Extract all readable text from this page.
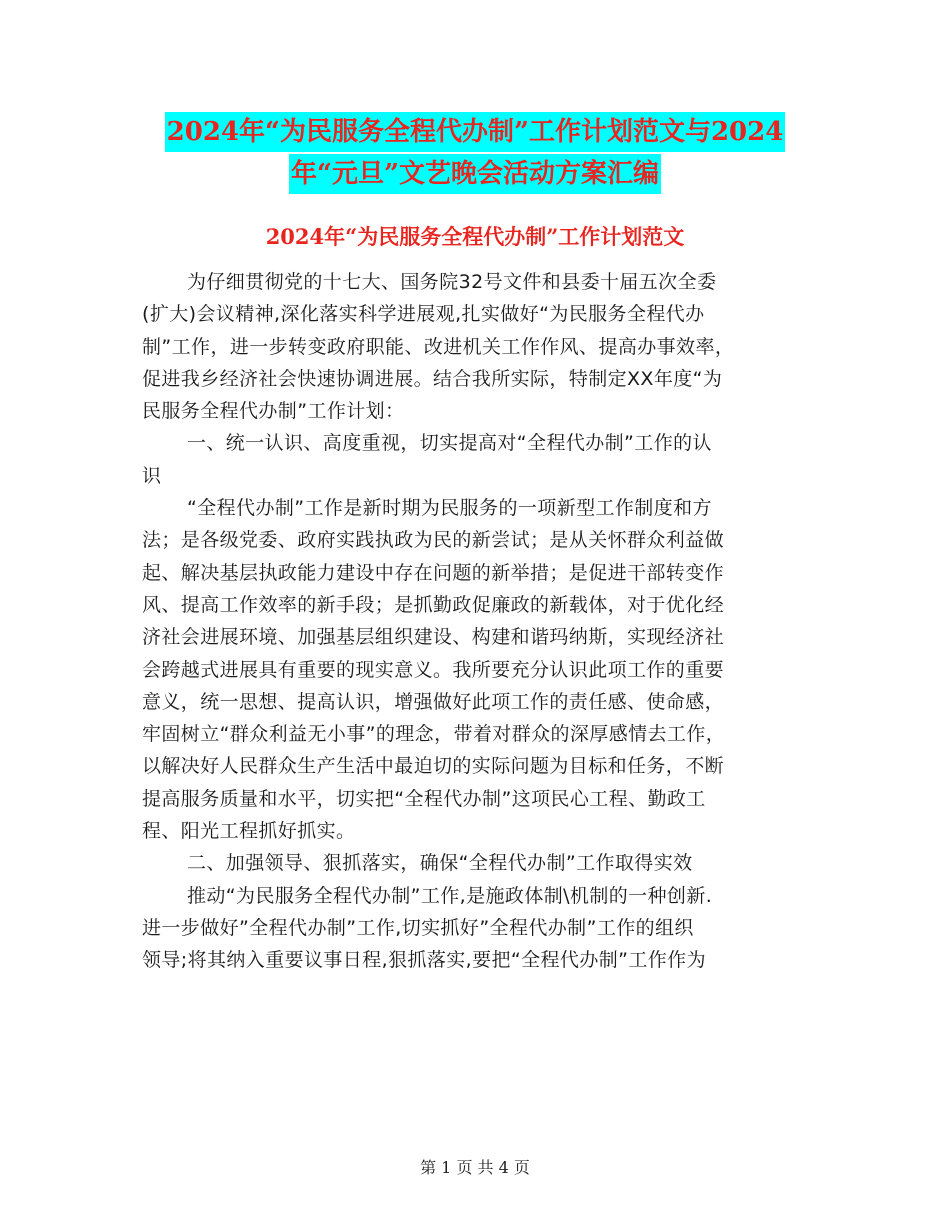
2024年“为民服务全程代办制”工作计划范文与2024
年“元旦”文艺晚会活动方案汇编
2024年“为民服务全程代办制”工作计划范文
为仔细贯彻党的十七大、国务院32号文件和县委十届五次全委
(扩大)会议精神,深化落实科学进展观,扎实做好“为民服务全程代办
制”工作，进一步转变政府职能、改进机关工作作风、提高办事效率，
促进我乡经济社会快速协调进展。结合我所实际，特制定XX年度“为
民服务全程代办制”工作计划：
一、统一认识、高度重视，切实提高对“全程代办制”工作的认
识
“全程代办制”工作是新时期为民服务的一项新型工作制度和方
法；是各级党委、政府实践执政为民的新尝试；是从关怀群众利益做
起、解决基层执政能力建设中存在问题的新举措；是促进干部转变作
风、提高工作效率的新手段；是抓勤政促廉政的新载体，对于优化经
济社会进展环境、加强基层组织建设、构建和谐玛纳斯，实现经济社
会跨越式进展具有重要的现实意义。我所要充分认识此项工作的重要
意义，统一思想、提高认识，增强做好此项工作的责任感、使命感，
牢固树立“群众利益无小事”的理念，带着对群众的深厚感情去工作，
以解决好人民群众生产生活中最迫切的实际问题为目标和任务，不断
提高服务质量和水平，切实把“全程代办制”这项民心工程、勤政工
程、阳光工程抓好抓实。
二、加强领导、狠抓落实，确保“全程代办制”工作取得实效
推动“为民服务全程代办制”工作,是施政体制\机制的一种创新.
进一步做好”全程代办制”工作,切实抓好”全程代办制”工作的组织
领导;将其纳入重要议事日程,狠抓落实,要把“全程代办制”工作作为
第 1 页 共 4 页
